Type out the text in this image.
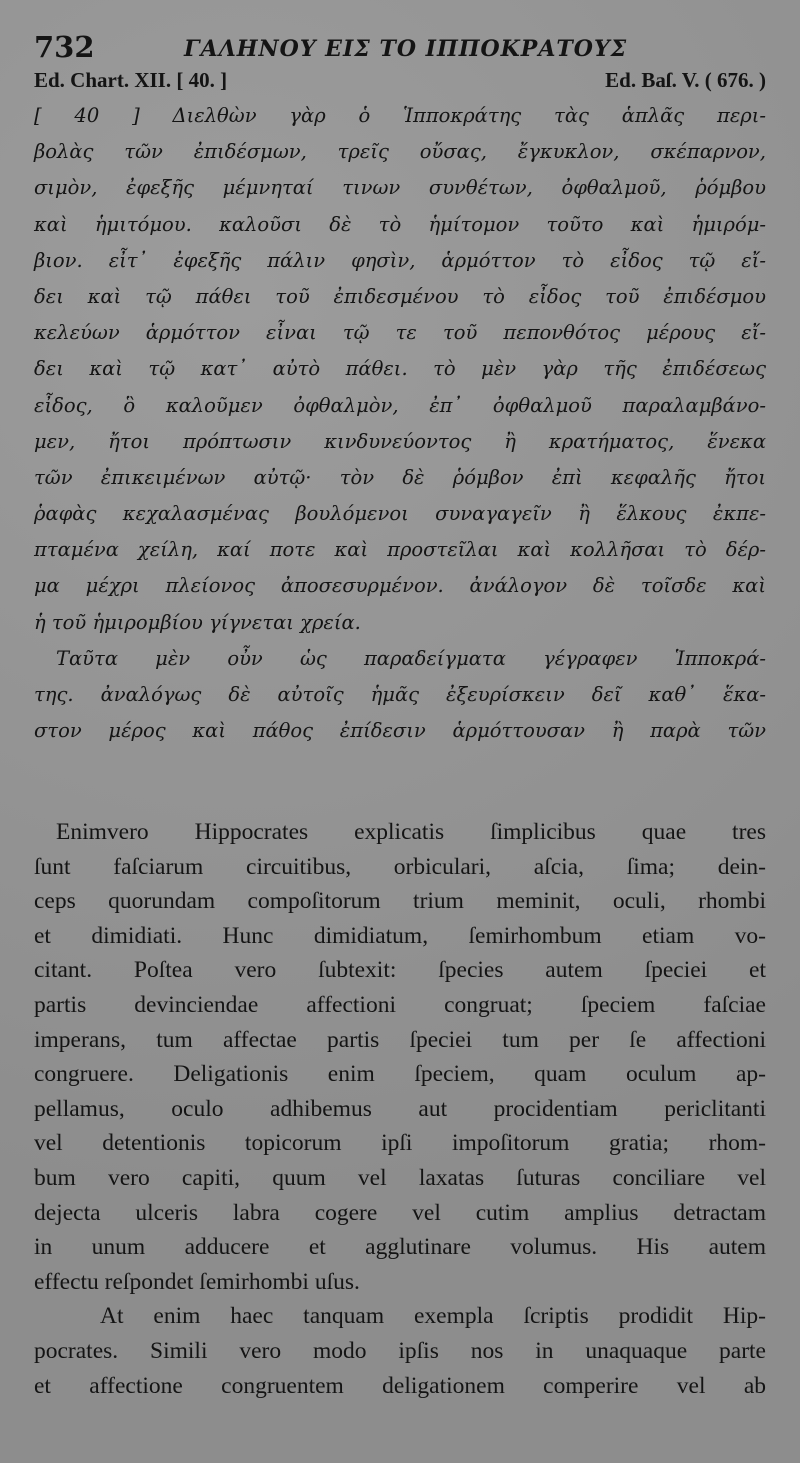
732	ΓΑΛΗΝΟΥ ΕΙΣ ΤΟ ΙΠΠΟΚΡΑΤΟΥΣ
Ed. Chart. XII. [ 40. ]	Ed. Baſ. V. ( 676. )
[ 40 ] Διελθὼν γὰρ ὁ Ἱπποκράτης τὰς ἁπλᾶς περι-
βολὰς τῶν ἐπιδέσμων, τρεῖς οὔσας, ἔγκυκλον, σκέπαρνον,
σιμὸν, ἐφεξῆς μέμνηταί τινων συνθέτων, ὀφθαλμοῦ, ῥόμβου
καὶ ἡμιτόμου. καλοῦσι δὲ τὸ ἡμίτομον τοῦτο καὶ ἡμιρόμ-
βιον. εἶτ᾽ ἐφεξῆς πάλιν φησὶν, ἁρμόττον τὸ εἶδος τῷ εἴ-
δει καὶ τῷ πάθει τοῦ ἐπιδεσμένου τὸ εἶδος τοῦ ἐπιδέσμου
κελεύων ἁρμόττον εἶναι τῷ τε τοῦ πεπονθότος μέρους εἴ-
δει καὶ τῷ κατ᾽ αὐτὸ πάθει. τὸ μὲν γὰρ τῆς ἐπιδέσεως
εἶδος, ὃ καλοῦμεν ὀφθαλμὸν, ἐπ᾽ ὀφθαλμοῦ παραλαμβάνο-
μεν, ἤτοι πρόπτωσιν κινδυνεύοντος ἢ κρατήματος, ἕνεκα
τῶν ἐπικειμένων αὐτῷ· τὸν δὲ ῥόμβον ἐπὶ κεφαλῆς ἤτοι
ῥαφὰς κεχαλασμένας βουλόμενοι συναγαγεῖν ἢ ἕλκους ἐκπε-
πταμένα χείλη, καί ποτε καὶ προστεῖλαι καὶ κολλῆσαι τὸ δέρ-
μα μέχρι πλείονος ἀποσεσυρμένον. ἀνάλογον δὲ τοῖσδε καὶ
ἡ τοῦ ἡμιρομβίου γίγνεται χρεία.
Ταῦτα μὲν οὖν ὡς παραδείγματα γέγραφεν Ἱπποκρά-
της. ἀναλόγως δὲ αὐτοῖς ἡμᾶς ἐξευρίσκειν δεῖ καθ᾽ ἕκα-
στον μέρος καὶ πάθος ἐπίδεσιν ἁρμόττουσαν ἢ παρὰ τῶν
Enimvero Hippocrates explicatis ſimplicibus quae tres
ſunt faſciarum circuitibus, orbiculari, aſcia, ſima; dein-
ceps quorundam compoſitorum trium meminit, oculi, rhombi
et dimidiati. Hunc dimidiatum, ſemirhombum etiam vo-
citant. Poſtea vero ſubtexit: ſpecies autem ſpeciei et
partis devinciendae affectioni congruat; ſpeciem faſciae
imperans, tum affectae partis ſpeciei tum per ſe affectioni
congruere. Deligationis enim ſpeciem, quam oculum ap-
pellamus, oculo adhibemus aut procidentiam periclitanti
vel detentionis topicorum ipſi impoſitorum gratia; rhom-
bum vero capiti, quum vel laxatas ſuturas conciliare vel
dejecta ulceris labra cogere vel cutim amplius detractam
in unum adducere et agglutinare volumus. His autem
effectu reſpondet ſemirhombi uſus.
At enim haec tanquam exempla ſcriptis prodidit Hip-
pocrates. Simili vero modo ipſis nos in unaquaque parte
et affectione congruentem deligationem comperire vel ab
